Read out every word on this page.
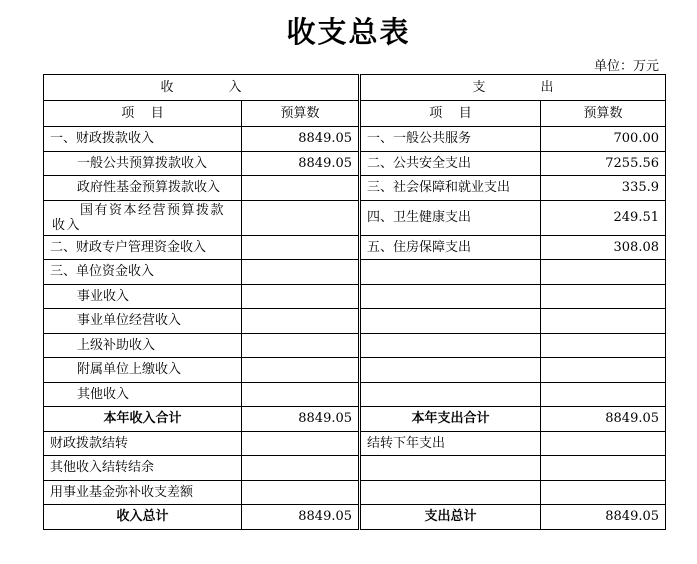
收支总表
单位：万元
收入	
项    目	预算数
一、财政拨款收入	8849.05
一般公共预算拨款收入	8849.05
政府性基金预算拨款收入	
国有资本经营预算拨款收入	
二、财政专户管理资金收入	
三、单位资金收入	
事业收入	
事业单位经营收入	
上级补助收入	
附属单位上缴收入	
其他收入	
本年收入合计	8849.05
财政拨款结转	
其他收入结转结余	
用事业基金弥补收支差额	
收入总计	8849.05
支出	
项    目	预算数
一、一般公共服务	700.00
二、公共安全支出	7255.56
三、社会保障和就业支出	335.9
四、卫生健康支出	249.51
五、住房保障支出	308.08

本年支出合计	8849.05
结转下年支出	

支出总计	8849.05
